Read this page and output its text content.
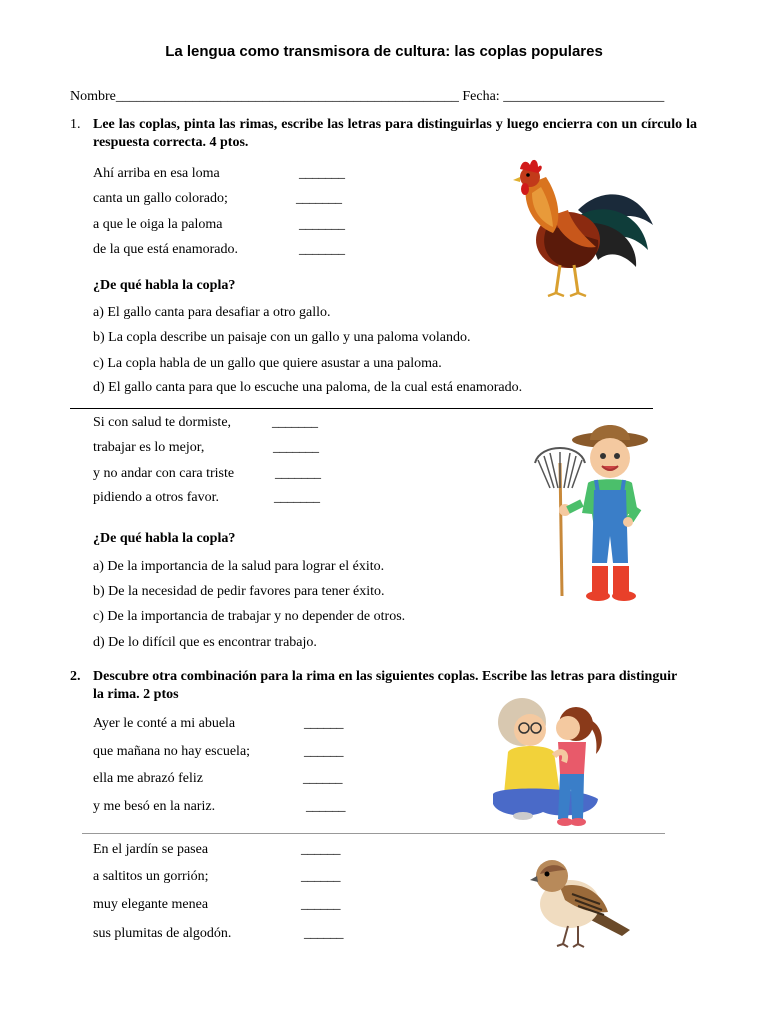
La lengua como transmisora de cultura: las coplas populares
Nombre_________________________________________________ Fecha: _______________________
1. Lee las coplas, pinta las rimas, escribe las letras para distinguirlas y luego encierra con un círculo la respuesta correcta. 4 ptos.
Ahí arriba en esa loma
canta un gallo colorado;
a que le oiga la paloma
de la que está enamorado.
_______
_______
_______
_______
¿De qué habla la copla?
a) El gallo canta para desafiar a otro gallo.
b) La copla describe un paisaje con un gallo y una paloma volando.
c) La copla habla de un gallo que quiere asustar a una paloma.
d) El gallo canta para que lo escuche una paloma, de la cual está enamorado.
Si con salud te dormiste,
trabajar es lo mejor,
y no andar con cara triste
pidiendo a otros favor.
_______
_______
_______
_______
¿De qué habla la copla?
a) De la importancia de la salud para lograr el éxito.
b) De la necesidad de pedir favores para tener éxito.
c) De la importancia de trabajar y no depender de otros.
d) De lo difícil que es encontrar trabajo.
2. Descubre otra combinación para la rima en las siguientes coplas. Escribe las letras para distinguir la rima. 2 ptos
Ayer le conté a mi abuela
que mañana no hay escuela;
ella me abrazó feliz
y me besó en la nariz.
______
______
______
______
En el jardín se pasea
a saltitos un gorrión;
muy elegante menea
sus plumitas de algodón.
______
______
______
______
